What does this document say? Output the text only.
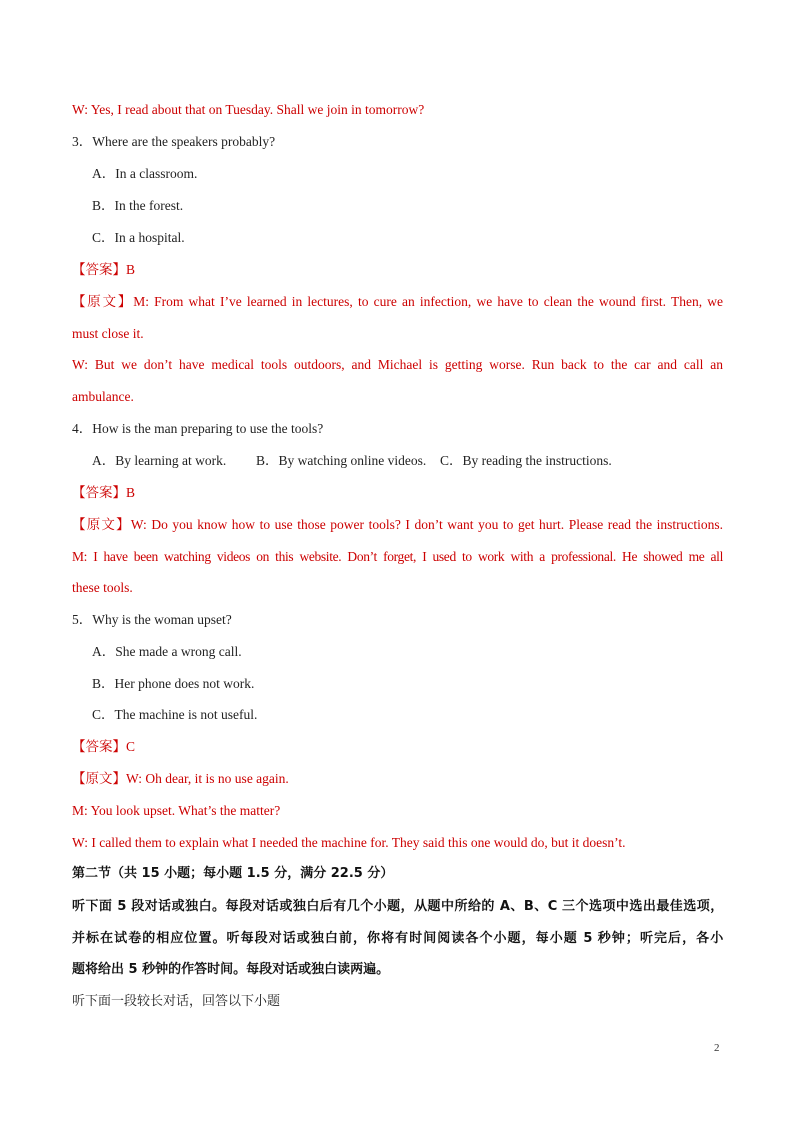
W: Yes, I read about that on Tuesday. Shall we join in tomorrow?
3．Where are the speakers probably?
A．In a classroom.
B．In the forest.
C．In a hospital.
【答案】B
【原文】M: From what I’ve learned in lectures, to cure an infection, we have to clean the wound first. Then, we
must close it.
W: But we don’t have medical tools outdoors, and Michael is getting worse. Run back to the car and call an
ambulance.
4．How is the man preparing to use the tools?
A．By learning at work. B．By watching online videos. C．By reading the instructions.
【答案】B
【原文】W: Do you know how to use those power tools? I don’t want you to get hurt. Please read the instructions.
M: I have been watching videos on this website. Don’t forget, I used to work with a professional. He showed me all
these tools.
5．Why is the woman upset?
A．She made a wrong call.
B．Her phone does not work.
C．The machine is not useful.
【答案】C
【原文】W: Oh dear, it is no use again.
M: You look upset. What’s the matter?
W: I called them to explain what I needed the machine for. They said this one would do, but it doesn’t.
第二节（共 15 小题；每小题 1.5 分，满分 22.5 分）
听下面 5 段对话或独白。每段对话或独白后有几个小题，从题中所给的 A、B、C 三个选项中选出最佳选项，
并标在试卷的相应位置。听每段对话或独白前，你将有时间阅读各个小题，每小题 5 秒钟；听完后，各小
题将给出 5 秒钟的作答时间。每段对话或独白读两遍。
听下面一段较长对话，回答以下小题
2
